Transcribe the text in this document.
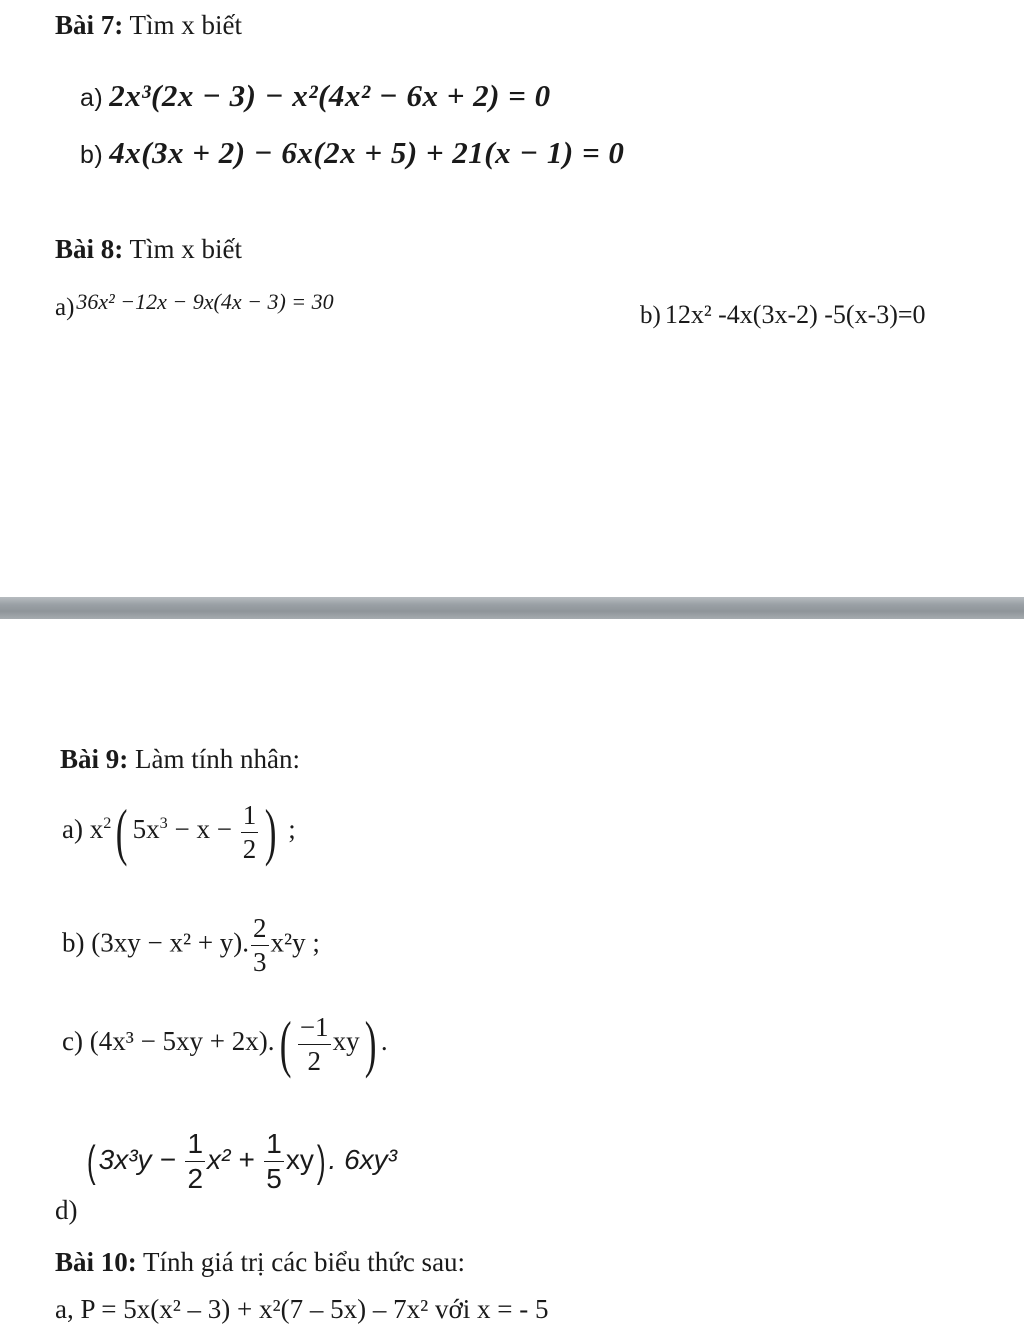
Bài 7: Tìm x biết
a) 2x³(2x − 3) − x²(4x² − 6x + 2) = 0
b) 4x(3x + 2) − 6x(2x + 5) + 21(x − 1) = 0
Bài 8: Tìm x biết
a)36x² −12x − 9x(4x − 3) = 30
b) 12x² -4x(3x-2) -5(x-3)=0
Bài 9: Làm tính nhân:
a) $x^2$( $5x^3 - x - \frac{1}{2}$ ) ;
b) (3xy − x² + y). $\frac{2}{3} x^2y$ ;
c) $(4x^3 - 5xy + 2x).( \frac{-1}{2} xy)$ .
d)
( $3x^3y - \frac{1}{2} x^2 + \frac{1}{5} xy$) . 6xy³
Bài 10: Tính giá trị các biểu thức sau:
a, P = 5x(x² – 3) + x²(7 – 5x) – 7x² với x = - 5
